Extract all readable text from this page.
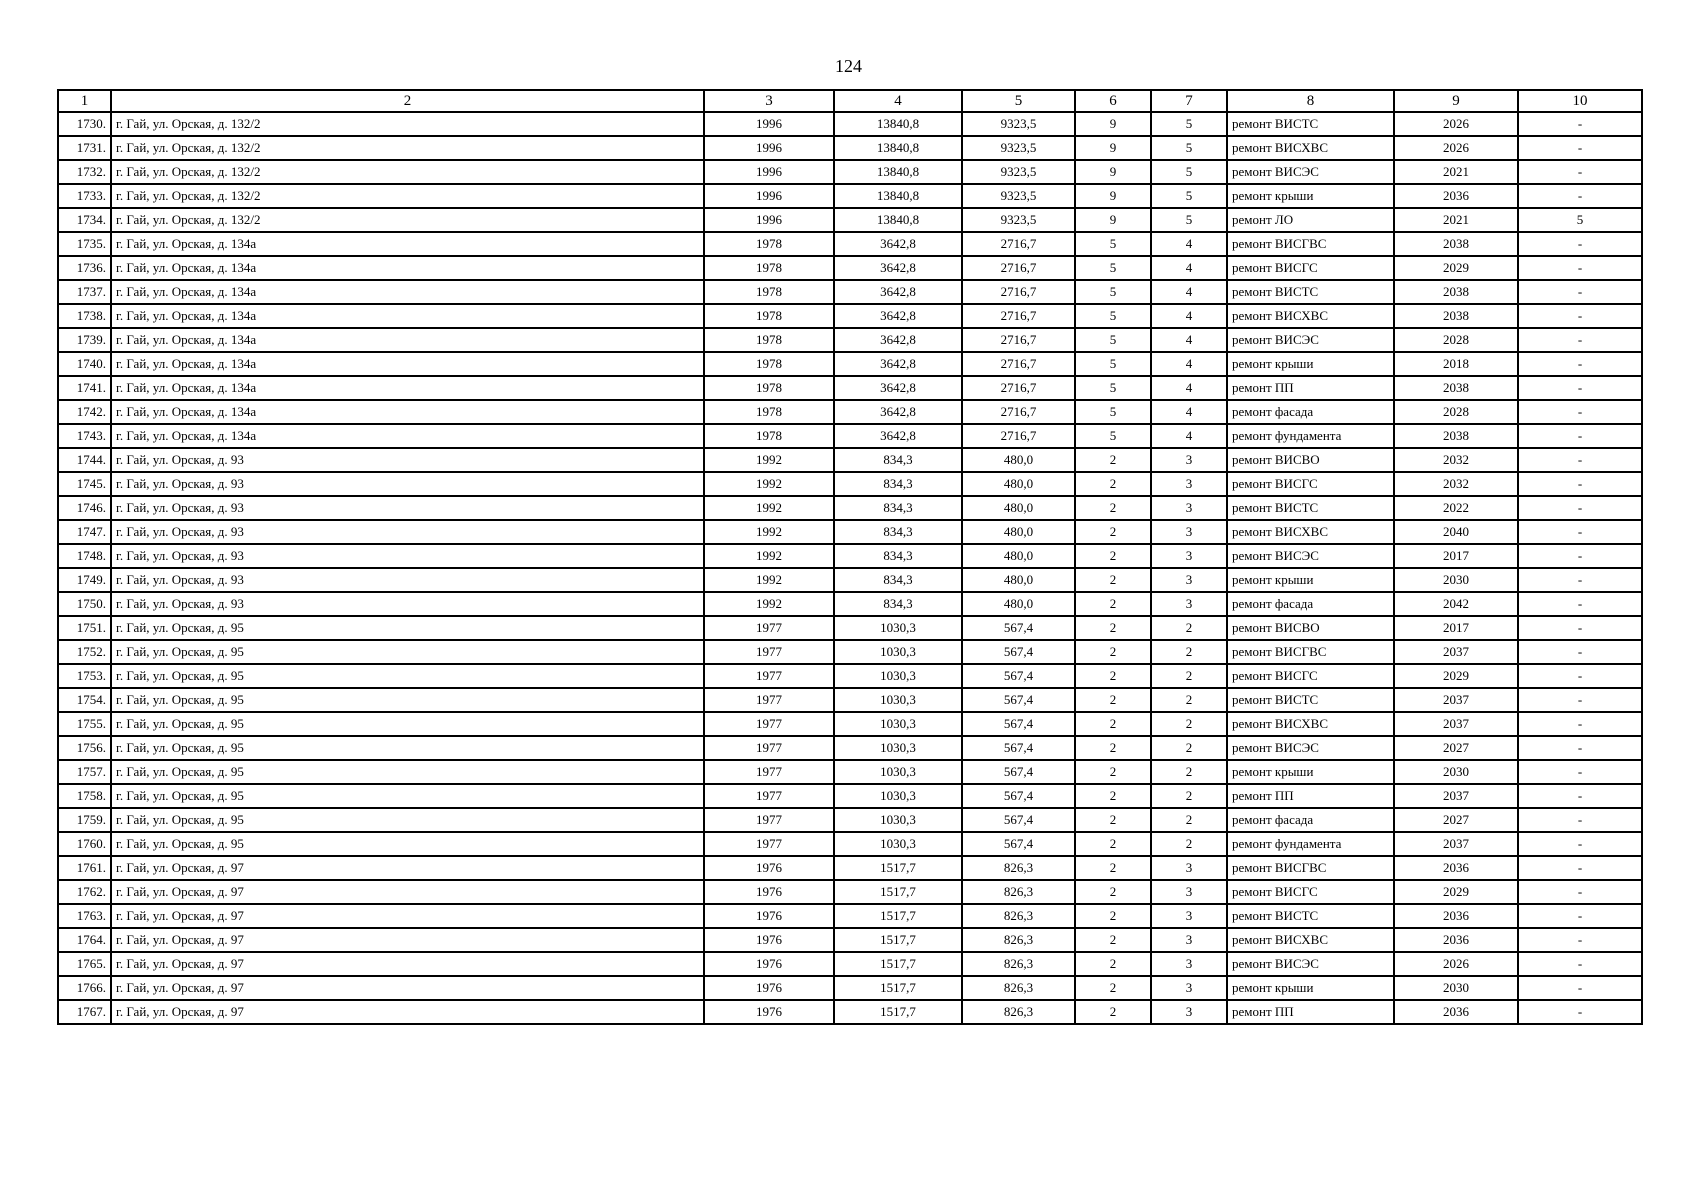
124
1	2	3	4	5	6	7	8	9	10
1730.	г. Гай, ул. Орская, д. 132/2	1996	13840,8	9323,5	9	5	ремонт ВИСТС	2026	-
1731.	г. Гай, ул. Орская, д. 132/2	1996	13840,8	9323,5	9	5	ремонт ВИСХВС	2026	-
1732.	г. Гай, ул. Орская, д. 132/2	1996	13840,8	9323,5	9	5	ремонт ВИСЭС	2021	-
1733.	г. Гай, ул. Орская, д. 132/2	1996	13840,8	9323,5	9	5	ремонт крыши	2036	-
1734.	г. Гай, ул. Орская, д. 132/2	1996	13840,8	9323,5	9	5	ремонт ЛО	2021	5
1735.	г. Гай, ул. Орская, д. 134а	1978	3642,8	2716,7	5	4	ремонт ВИСГВС	2038	-
1736.	г. Гай, ул. Орская, д. 134а	1978	3642,8	2716,7	5	4	ремонт ВИСГС	2029	-
1737.	г. Гай, ул. Орская, д. 134а	1978	3642,8	2716,7	5	4	ремонт ВИСТС	2038	-
1738.	г. Гай, ул. Орская, д. 134а	1978	3642,8	2716,7	5	4	ремонт ВИСХВС	2038	-
1739.	г. Гай, ул. Орская, д. 134а	1978	3642,8	2716,7	5	4	ремонт ВИСЭС	2028	-
1740.	г. Гай, ул. Орская, д. 134а	1978	3642,8	2716,7	5	4	ремонт крыши	2018	-
1741.	г. Гай, ул. Орская, д. 134а	1978	3642,8	2716,7	5	4	ремонт ПП	2038	-
1742.	г. Гай, ул. Орская, д. 134а	1978	3642,8	2716,7	5	4	ремонт фасада	2028	-
1743.	г. Гай, ул. Орская, д. 134а	1978	3642,8	2716,7	5	4	ремонт фундамента	2038	-
1744.	г. Гай, ул. Орская, д. 93	1992	834,3	480,0	2	3	ремонт ВИСВО	2032	-
1745.	г. Гай, ул. Орская, д. 93	1992	834,3	480,0	2	3	ремонт ВИСГС	2032	-
1746.	г. Гай, ул. Орская, д. 93	1992	834,3	480,0	2	3	ремонт ВИСТС	2022	-
1747.	г. Гай, ул. Орская, д. 93	1992	834,3	480,0	2	3	ремонт ВИСХВС	2040	-
1748.	г. Гай, ул. Орская, д. 93	1992	834,3	480,0	2	3	ремонт ВИСЭС	2017	-
1749.	г. Гай, ул. Орская, д. 93	1992	834,3	480,0	2	3	ремонт крыши	2030	-
1750.	г. Гай, ул. Орская, д. 93	1992	834,3	480,0	2	3	ремонт фасада	2042	-
1751.	г. Гай, ул. Орская, д. 95	1977	1030,3	567,4	2	2	ремонт ВИСВО	2017	-
1752.	г. Гай, ул. Орская, д. 95	1977	1030,3	567,4	2	2	ремонт ВИСГВС	2037	-
1753.	г. Гай, ул. Орская, д. 95	1977	1030,3	567,4	2	2	ремонт ВИСГС	2029	-
1754.	г. Гай, ул. Орская, д. 95	1977	1030,3	567,4	2	2	ремонт ВИСТС	2037	-
1755.	г. Гай, ул. Орская, д. 95	1977	1030,3	567,4	2	2	ремонт ВИСХВС	2037	-
1756.	г. Гай, ул. Орская, д. 95	1977	1030,3	567,4	2	2	ремонт ВИСЭС	2027	-
1757.	г. Гай, ул. Орская, д. 95	1977	1030,3	567,4	2	2	ремонт крыши	2030	-
1758.	г. Гай, ул. Орская, д. 95	1977	1030,3	567,4	2	2	ремонт ПП	2037	-
1759.	г. Гай, ул. Орская, д. 95	1977	1030,3	567,4	2	2	ремонт фасада	2027	-
1760.	г. Гай, ул. Орская, д. 95	1977	1030,3	567,4	2	2	ремонт фундамента	2037	-
1761.	г. Гай, ул. Орская, д. 97	1976	1517,7	826,3	2	3	ремонт ВИСГВС	2036	-
1762.	г. Гай, ул. Орская, д. 97	1976	1517,7	826,3	2	3	ремонт ВИСГС	2029	-
1763.	г. Гай, ул. Орская, д. 97	1976	1517,7	826,3	2	3	ремонт ВИСТС	2036	-
1764.	г. Гай, ул. Орская, д. 97	1976	1517,7	826,3	2	3	ремонт ВИСХВС	2036	-
1765.	г. Гай, ул. Орская, д. 97	1976	1517,7	826,3	2	3	ремонт ВИСЭС	2026	-
1766.	г. Гай, ул. Орская, д. 97	1976	1517,7	826,3	2	3	ремонт крыши	2030	-
1767.	г. Гай, ул. Орская, д. 97	1976	1517,7	826,3	2	3	ремонт ПП	2036	-
